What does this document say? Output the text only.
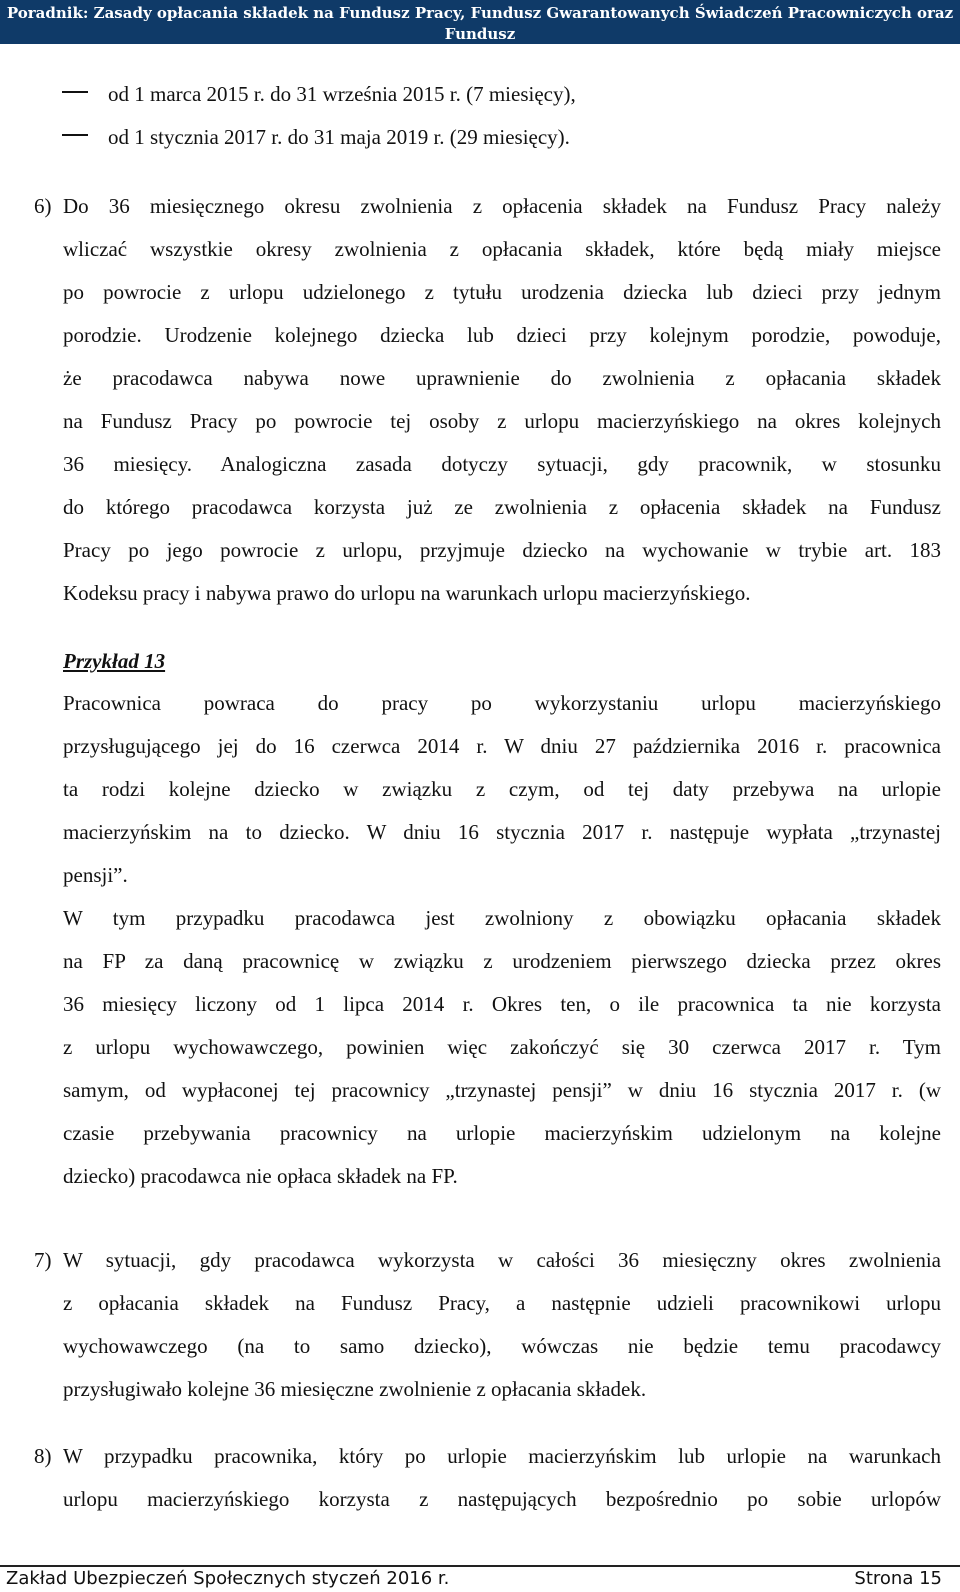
Poradnik: Zasady opłacania składek na Fundusz Pracy, Fundusz Gwarantowanych Świadczeń Pracowniczych oraz Fundusz
Emerytur Pomostowych
od 1 marca 2015 r. do 31 września 2015 r. (7 miesięcy),
od 1 stycznia 2017 r. do 31 maja 2019 r. (29 miesięcy).
6) Do 36 miesięcznego okresu zwolnienia z opłacenia składek na Fundusz Pracy należy
wliczać wszystkie okresy zwolnienia z opłacania składek, które będą miały miejsce
po powrocie z urlopu udzielonego z tytułu urodzenia dziecka lub dzieci przy jednym
porodzie. Urodzenie kolejnego dziecka lub dzieci przy kolejnym porodzie, powoduje,
że pracodawca nabywa nowe uprawnienie do zwolnienia z opłacania składek
na Fundusz Pracy po powrocie tej osoby z urlopu macierzyńskiego na okres kolejnych
36 miesięcy. Analogiczna zasada dotyczy sytuacji, gdy pracownik, w stosunku
do którego pracodawca korzysta już ze zwolnienia z opłacenia składek na Fundusz
Pracy po jego powrocie z urlopu, przyjmuje dziecko na wychowanie w trybie art. 183
Kodeksu pracy i nabywa prawo do urlopu na warunkach urlopu macierzyńskiego.
Przykład 13
Pracownica powraca do pracy po wykorzystaniu urlopu macierzyńskiego
przysługującego jej do 16 czerwca 2014 r. W dniu 27 października 2016 r. pracownica
ta rodzi kolejne dziecko w związku z czym, od tej daty przebywa na urlopie
macierzyńskim na to dziecko. W dniu 16 stycznia 2017 r. następuje wypłata „trzynastej
pensji”.
W tym przypadku pracodawca jest zwolniony z obowiązku opłacania składek
na FP za daną pracownicę w związku z urodzeniem pierwszego dziecka przez okres
36 miesięcy liczony od 1 lipca 2014 r. Okres ten, o ile pracownica ta nie korzysta
z urlopu wychowawczego, powinien więc zakończyć się 30 czerwca 2017 r. Tym
samym, od wypłaconej tej pracownicy „trzynastej pensji” w dniu 16 stycznia 2017 r. (w
czasie przebywania pracownicy na urlopie macierzyńskim udzielonym na kolejne
dziecko) pracodawca nie opłaca składek na FP.
7) W sytuacji, gdy pracodawca wykorzysta w całości 36 miesięczny okres zwolnienia
z opłacania składek na Fundusz Pracy, a następnie udzieli pracownikowi urlopu
wychowawczego (na to samo dziecko), wówczas nie będzie temu pracodawcy
przysługiwało kolejne 36 miesięczne zwolnienie z opłacania składek.
8) W przypadku pracownika, który po urlopie macierzyńskim lub urlopie na warunkach
urlopu macierzyńskiego korzysta z następujących bezpośrednio po sobie urlopów
Zakład Ubezpieczeń Społecznych styczeń 2016 r.	Strona 15
